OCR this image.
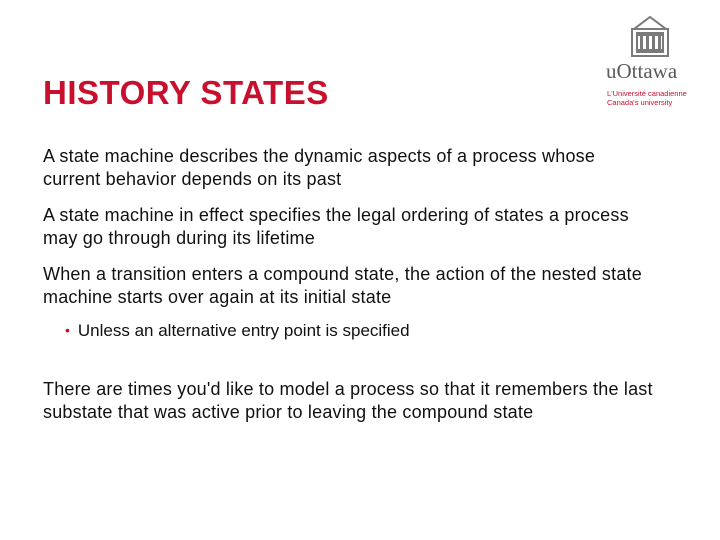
HISTORY STATES
uOttawa
L'Université canadienne
Canada's university

A state machine describes the dynamic aspects of a process whose current behavior depends on its past

A state machine in effect specifies the legal ordering of states a process may go through during its lifetime

When a transition enters a compound state, the action of the nested state machine starts over again at its initial state

• Unless an alternative entry point is specified

There are times you'd like to model a process so that it remembers the last substate that was active prior to leaving the compound state
